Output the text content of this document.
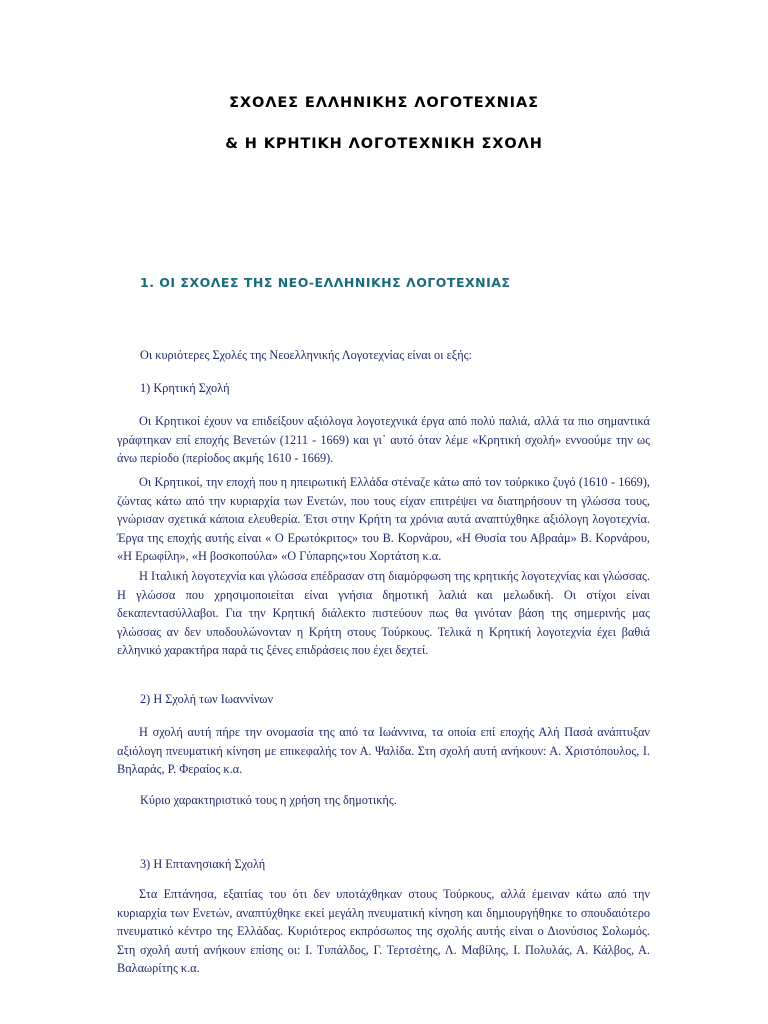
ΣΧΟΛΕΣ ΕΛΛΗΝΙΚΗΣ ΛΟΓΟΤΕΧΝΙΑΣ
& Η ΚΡΗΤΙΚΗ ΛΟΓΟΤΕΧΝΙΚΗ ΣΧΟΛΗ
1. ΟΙ ΣΧΟΛΕΣ ΤΗΣ ΝΕΟ-ΕΛΛΗΝΙΚΗΣ ΛΟΓΟΤΕΧΝΙΑΣ

Οι κυριότερες Σχολές της Νεοελληνικής Λογοτεχνίας είναι οι εξής:

1) Κρητική Σχολή

Οι Κρητικοί έχουν να επιδείξουν αξιόλογα λογοτεχνικά έργα από πολύ παλιά, αλλά τα πιο σημαντικά γράφτηκαν επί εποχής Βενετών (1211 - 1669) και γι᾽ αυτό όταν λέμε «Κρητική σχολή» εννοούμε την ως άνω περίοδο (περίοδος ακμής 1610 - 1669).

Οι Κρητικοί, την εποχή που η ηπειρωτική Ελλάδα στέναζε κάτω από τον τούρκικο ζυγό (1610 - 1669), ζώντας κάτω από την κυριαρχία των Ενετών, που τους είχαν επιτρέψει να διατηρήσουν τη γλώσσα τους, γνώρισαν σχετικά κάποια ελευθερία. Έτσι στην Κρήτη τα χρόνια αυτά αναπτύχθηκε αξιόλογη λογοτεχνία. Έργα της εποχής αυτής είναι « Ο Ερωτόκριτος» του Β. Κορνάρου, «Η Θυσία του Αβραάμ» Β. Κορνάρου, «Η Ερωφίλη», «Η βοσκοπούλα» «Ο Γύπαρης»του Χορτάτση κ.α.

Η Ιταλική λογοτεχνία και γλώσσα επέδρασαν στη διαμόρφωση της κρητικής λογοτεχνίας και γλώσσας. Η γλώσσα που χρησιμοποιείται είναι γνήσια δημοτική λαλιά και μελωδική. Οι στίχοι είναι δεκαπεντασύλλαβοι. Για την Κρητική διάλεκτο πιστεύουν πως θα γινόταν βάση της σημερινής μας γλώσσας αν δεν υποδουλώνονταν η Κρήτη στους Τούρκους. Τελικά η Κρητική λογοτεχνία έχει βαθιά ελληνικό χαρακτήρα παρά τις ξένες επιδράσεις που έχει δεχτεί.

2) Η Σχολή των Ιωαννίνων

Η σχολή αυτή πήρε την ονομασία της από τα Ιωάννινα, τα οποία επί εποχής Αλή Πασά ανάπτυξαν αξιόλογη πνευματική κίνηση με επικεφαλής τον Α. Ψαλίδα. Στη σχολή αυτή ανήκουν: Α. Χριστόπουλος, Ι. Βηλαράς, Ρ. Φεραίος κ.α.

Κύριο χαρακτηριστικό τους η χρήση της δημοτικής.

3) Η Επτανησιακή Σχολή

Στα Επτάνησα, εξαιτίας του ότι δεν υποτάχθηκαν στους Τούρκους, αλλά έμειναν κάτω από την κυριαρχία των Ενετών, αναπτύχθηκε εκεί μεγάλη πνευματική κίνηση και δημιουργήθηκε το σπουδαιότερο πνευματικό κέντρο της Ελλάδας. Κυριότερος εκπρόσωπος της σχολής αυτής είναι ο Διονύσιος Σολωμός. Στη σχολή αυτή ανήκουν επίσης οι: Ι. Τυπάλδος, Γ. Τερτσέτης, Λ. Μαβίλης, Ι. Πολυλάς, Α. Κάλβος, Α. Βαλαωρίτης κ.α.
